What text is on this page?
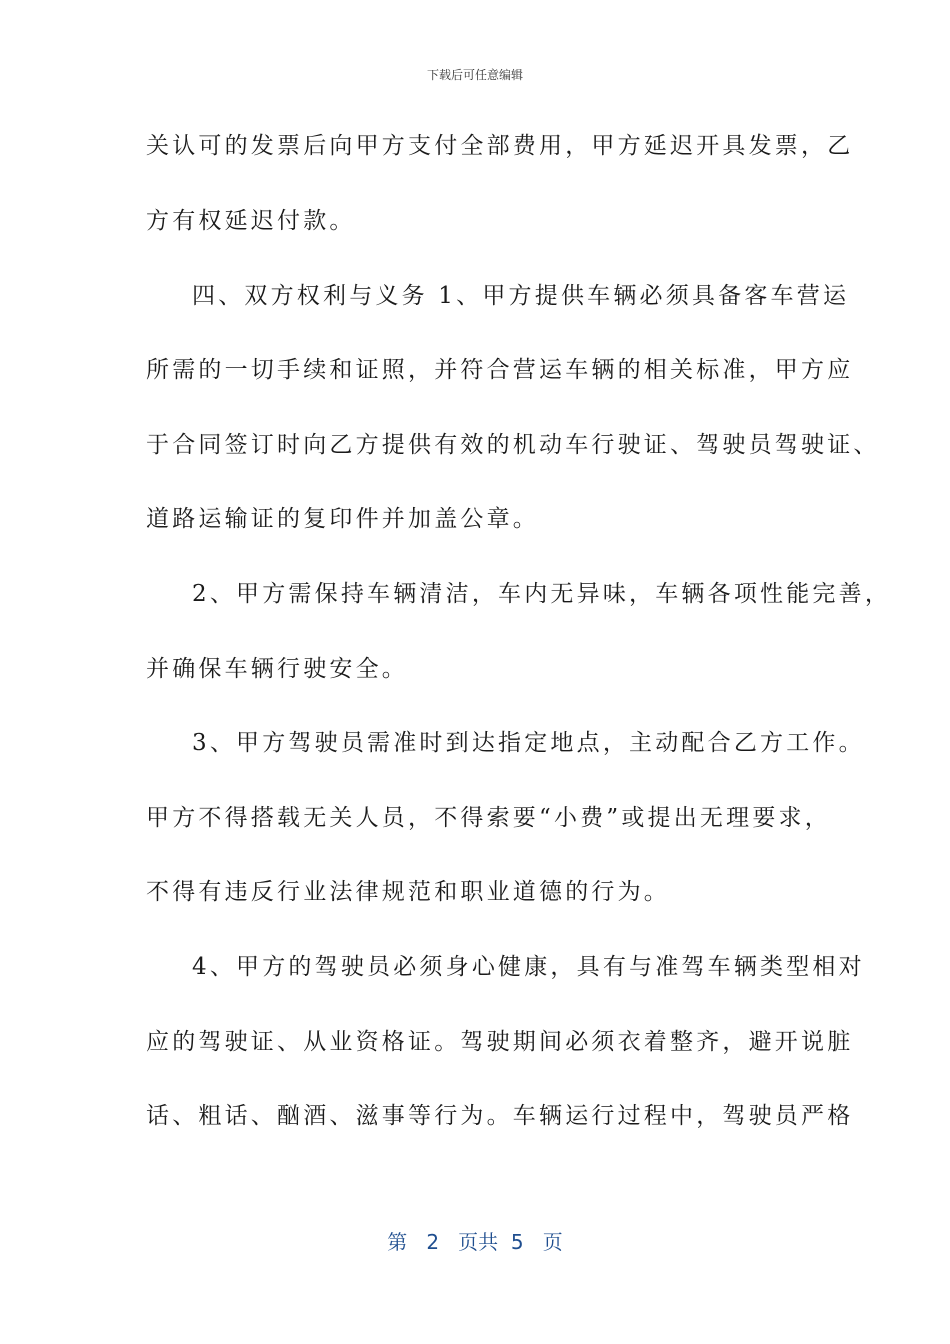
下载后可任意编辑
关认可的发票后向甲方支付全部费用，甲方延迟开具发票，乙
方有权延迟付款。
四、双方权利与义务 1、甲方提供车辆必须具备客车营运
所需的一切手续和证照，并符合营运车辆的相关标准，甲方应
于合同签订时向乙方提供有效的机动车行驶证、驾驶员驾驶证、
道路运输证的复印件并加盖公章。
2、甲方需保持车辆清洁，车内无异味，车辆各项性能完善，
并确保车辆行驶安全。
3、甲方驾驶员需准时到达指定地点，主动配合乙方工作。
甲方不得搭载无关人员，不得索要“小费”或提出无理要求，
不得有违反行业法律规范和职业道德的行为。
4、甲方的驾驶员必须身心健康，具有与准驾车辆类型相对
应的驾驶证、从业资格证。驾驶期间必须衣着整齐，避开说脏
话、粗话、酗酒、滋事等行为。车辆运行过程中，驾驶员严格
第 2 页共 5 页
